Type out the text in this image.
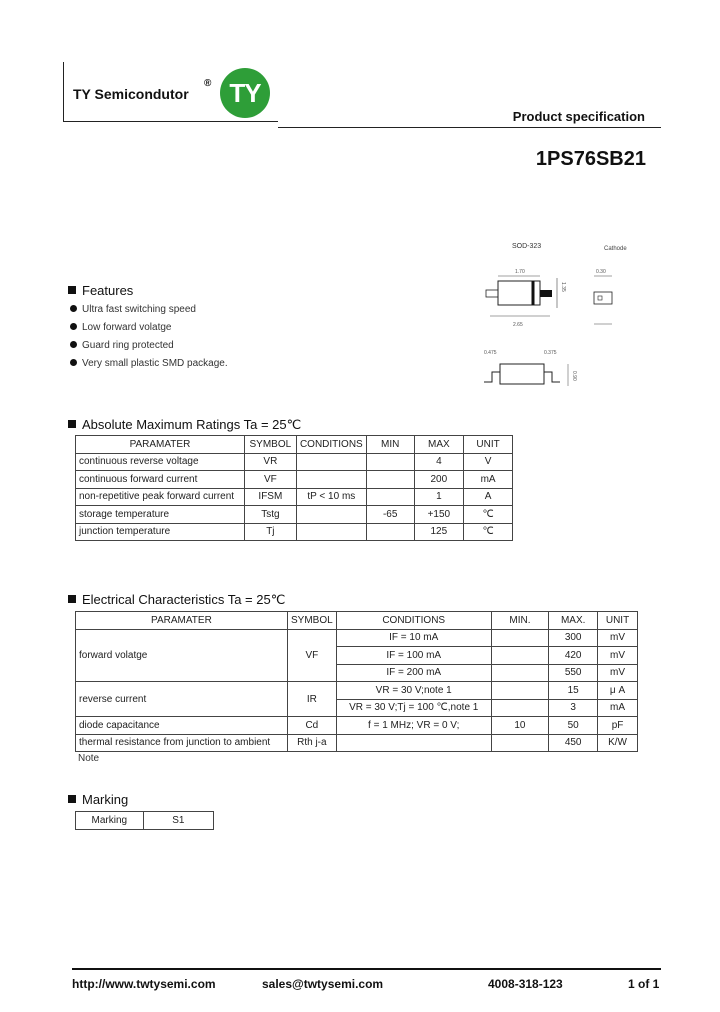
TY Semicondutor
® TY
Product specification
1PS76SB21
SOD-323	Cathode
1.70
1.35
2.65
0.30
0.475	0.375
0.90
Features
Ultra fast switching speed
Low forward volatge
Guard ring protected
Very small plastic SMD package.
Absolute Maximum Ratings Ta = 25℃
PARAMATER	SYMBOL	CONDITIONS	MIN	MAX	UNIT
continuous reverse voltage	VR			4	V
continuous forward current	VF			200	mA
non-repetitive peak forward current	IFSM	tP < 10 ms		1	A
storage temperature	Tstg		-65	+150	℃
junction temperature	Tj			125	℃
Electrical Characteristics Ta = 25℃
PARAMATER	SYMBOL	CONDITIONS	MIN.	MAX.	UNIT
forward volatge	VF	IF = 10 mA		300	mV
		IF = 100 mA		420	mV
		IF = 200 mA		550	mV
reverse current	IR	VR = 30 V;note 1		15	μ A
		VR = 30 V;Tj = 100 ℃,note 1		3	mA
diode capacitance	Cd	f = 1 MHz; VR = 0 V;	10	50	pF
thermal resistance from junction to ambient	Rth j-a			450	K/W
Note
Marking
Marking	S1
http://www.twtysemi.com	sales@twtysemi.com	4008-318-123	1 of 1
